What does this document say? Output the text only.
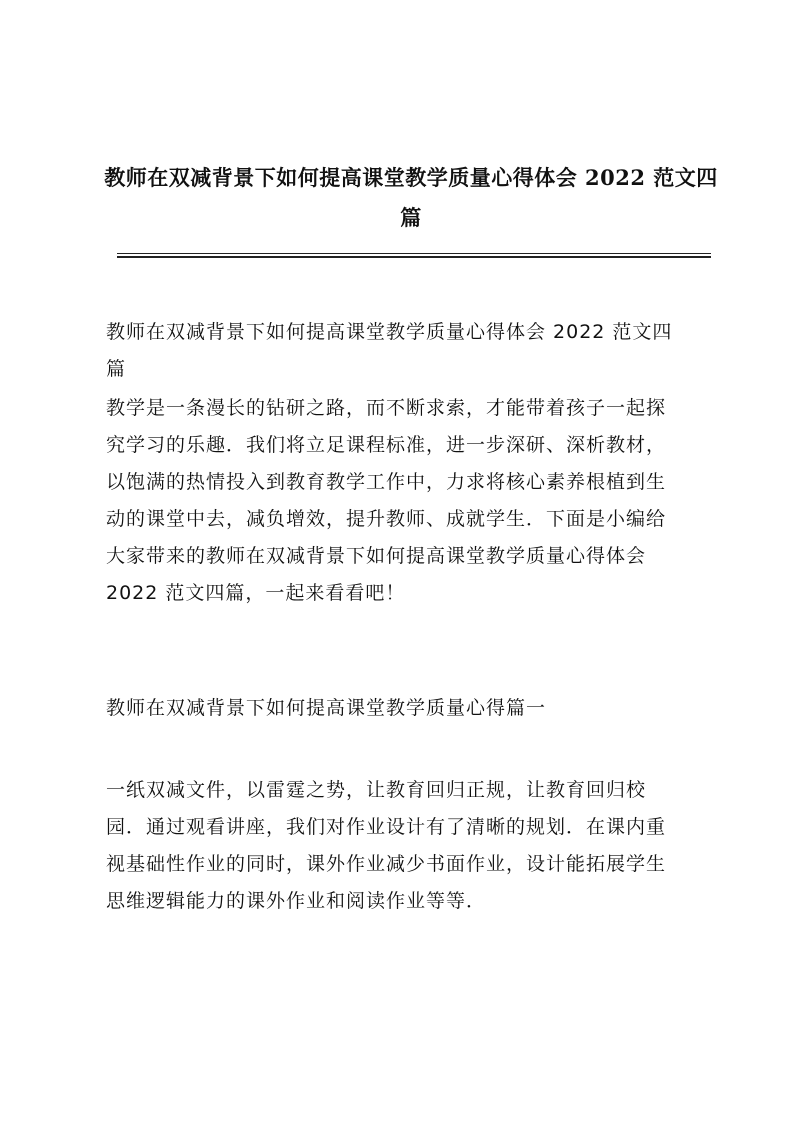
教师在双减背景下如何提高课堂教学质量心得体会 2022 范文四
篇
教师在双减背景下如何提高课堂教学质量心得体会 2022 范文四
篇
教学是一条漫长的钻研之路，而不断求索，才能带着孩子一起探
究学习的乐趣．我们将立足课程标准，进一步深研、深析教材，
以饱满的热情投入到教育教学工作中，力求将核心素养根植到生
动的课堂中去，减负增效，提升教师、成就学生．下面是小编给
大家带来的教师在双减背景下如何提高课堂教学质量心得体会
2022 范文四篇，一起来看看吧！
教师在双减背景下如何提高课堂教学质量心得篇一
一纸双减文件，以雷霆之势，让教育回归正规，让教育回归校
园．通过观看讲座，我们对作业设计有了清晰的规划．在课内重
视基础性作业的同时，课外作业减少书面作业，设计能拓展学生
思维逻辑能力的课外作业和阅读作业等等．
